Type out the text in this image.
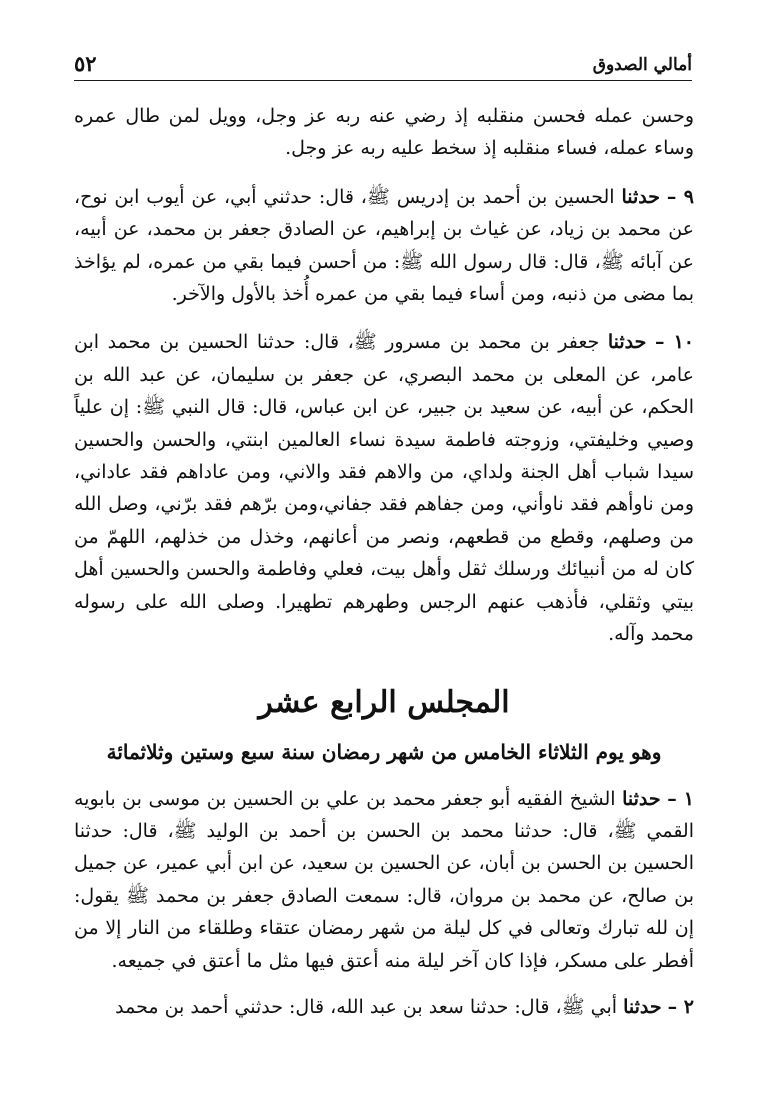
٥٢	أمالي الصدوق

وحسن عمله فحسن منقلبه إذ رضي عنه ربه عز وجل، وويل لمن طال عمره وساء عمله، فساء منقلبه إذ سخط عليه ربه عز وجل.

٩ – حدثنا الحسين بن أحمد بن إدريس ﷺ، قال: حدثني أبي، عن أيوب ابن نوح، عن محمد بن زياد، عن غياث بن إبراهيم، عن الصادق جعفر بن محمد، عن أبيه، عن آبائه ﷺ، قال: قال رسول الله ﷺ: من أحسن فيما بقي من عمره، لم يؤاخذ بما مضى من ذنبه، ومن أساء فيما بقي من عمره أُخذ بالأول والآخر.

١٠ – حدثنا جعفر بن محمد بن مسرور ﷺ، قال: حدثنا الحسين بن محمد ابن عامر، عن المعلى بن محمد البصري، عن جعفر بن سليمان، عن عبد الله بن الحكم، عن أبيه، عن سعيد بن جبير، عن ابن عباس، قال: قال النبي ﷺ: إن علياً وصيي وخليفتي، وزوجته فاطمة سيدة نساء العالمين ابنتي، والحسن والحسين سيدا شباب أهل الجنة ولداي، من والاهم فقد والاني، ومن عاداهم فقد عاداني، ومن ناوأهم فقد ناوأني، ومن جفاهم فقد جفاني،ومن برّهم فقد برّني، وصل الله من وصلهم، وقطع من قطعهم، ونصر من أعانهم، وخذل من خذلهم، اللهمّ من كان له من أنبيائك ورسلك ثقل وأهل بيت، فعلي وفاطمة والحسن والحسين أهل بيتي وثقلي، فأذهب عنهم الرجس وطهرهم تطهيرا. وصلى الله على رسوله محمد وآله.

المجلس الرابع عشر
وهو يوم الثلاثاء الخامس من شهر رمضان سنة سبع وستين وثلاثمائة

١ – حدثنا الشيخ الفقيه أبو جعفر محمد بن علي بن الحسين بن موسى بن بابويه القمي ﷺ، قال: حدثنا محمد بن الحسن بن أحمد بن الوليد ﷺ، قال: حدثنا الحسين بن الحسن بن أبان، عن الحسين بن سعيد، عن ابن أبي عمير، عن جميل بن صالح، عن محمد بن مروان، قال: سمعت الصادق جعفر بن محمد ﷺ يقول: إن لله تبارك وتعالى في كل ليلة من شهر رمضان عتقاء وطلقاء من النار إلا من أفطر على مسكر، فإذا كان آخر ليلة منه أعتق فيها مثل ما أعتق في جميعه.

٢ – حدثنا أبي ﷺ، قال: حدثنا سعد بن عبد الله، قال: حدثني أحمد بن محمد
